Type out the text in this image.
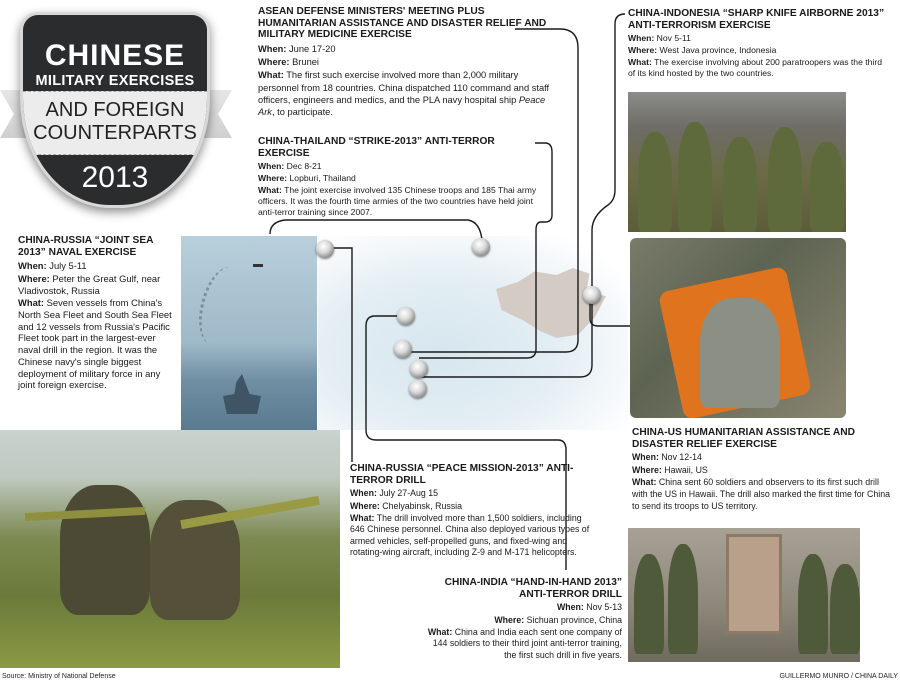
CHINESE
MILITARY EXERCISES
AND FOREIGN
COUNTERPARTS
2013
ASEAN DEFENSE MINISTERS' MEETING PLUS HUMANITARIAN ASSISTANCE AND DISASTER RELIEF AND MILITARY MEDICINE EXERCISE
When: June 17-20
Where: Brunei
What: The first such exercise involved more than 2,000 military personnel from 18 countries. China dispatched 110 command and staff officers, engineers and medics, and the PLA navy hospital ship Peace Ark, to participate.
CHINA-THAILAND “STRIKE-2013” ANTI-TERROR EXERCISE
When: Dec 8-21
Where: Lopburi, Thailand
What: The joint exercise involved 135 Chinese troops and 185 Thai army officers. It was the fourth time armies of the two countries have held joint anti-terror training since 2007.
CHINA-INDONESIA “SHARP KNIFE AIRBORNE 2013” ANTI-TERRORISM EXERCISE
When: Nov 5-11
Where: West Java province, Indonesia
What: The exercise involving about 200 paratroopers was the third of its kind hosted by the two countries.
CHINA-RUSSIA “JOINT SEA 2013” NAVAL EXERCISE
When: July 5-11
Where: Peter the Great Gulf, near Vladivostok, Russia
What: Seven vessels from China's North Sea Fleet and South Sea Fleet and 12 vessels from Russia's Pacific Fleet took part in the largest-ever naval drill in the region. It was the Chinese navy's single biggest deployment of military force in any joint foreign exercise.
CHINA-RUSSIA “PEACE MISSION-2013” ANTI-TERROR DRILL
When: July 27-Aug 15
Where: Chelyabinsk, Russia
What: The drill involved more than 1,500 soldiers, including 646 Chinese personnel. China also deployed various types of armed vehicles, self-propelled guns, and fixed-wing and rotating-wing aircraft, including Z-9 and M-171 helicopters.
CHINA-US HUMANITARIAN ASSISTANCE AND DISASTER RELIEF EXERCISE
When: Nov 12-14
Where: Hawaii, US
What: China sent 60 soldiers and observers to its first such drill with the US in Hawaii. The drill also marked the first time for China to send its troops to US territory.
CHINA-INDIA “HAND-IN-HAND 2013” ANTI-TERROR DRILL
When: Nov 5-13
Where: Sichuan province, China
What: China and India each sent one company of 144 soldiers to their third joint anti-terror training, the first such drill in five years.
Source: Ministry of National Defense	GUILLERMO MUNRO / CHINA DAILY
